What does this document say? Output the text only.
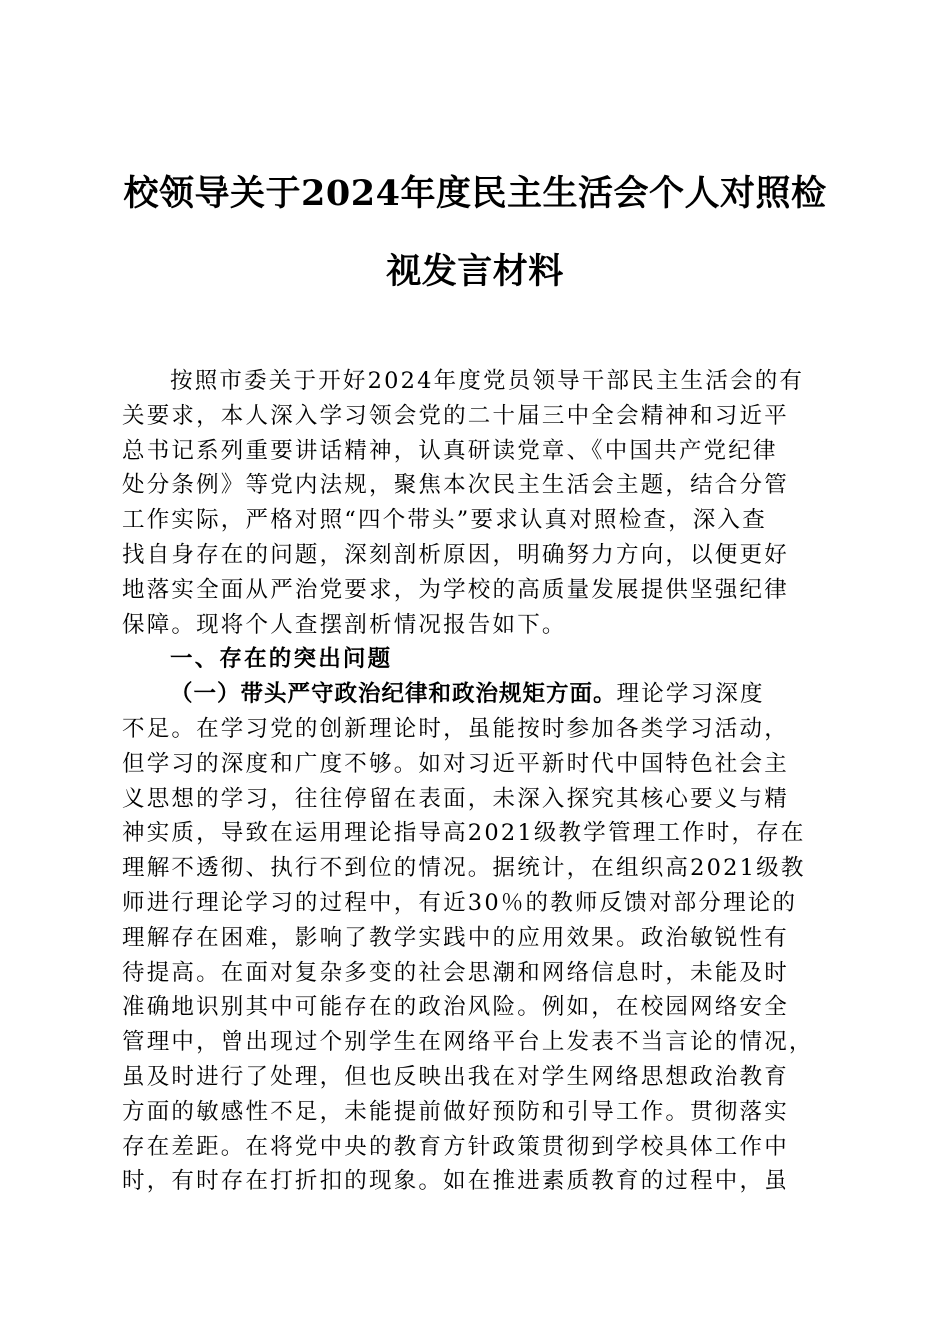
校领导关于2024年度民主生活会个人对照检
视发言材料
按照市委关于开好2024年度党员领导干部民主生活会的有
关要求，本人深入学习领会党的二十届三中全会精神和习近平
总书记系列重要讲话精神，认真研读党章、《中国共产党纪律
处分条例》等党内法规，聚焦本次民主生活会主题，结合分管
工作实际，严格对照“四个带头”要求认真对照检查，深入查
找自身存在的问题，深刻剖析原因，明确努力方向，以便更好
地落实全面从严治党要求，为学校的高质量发展提供坚强纪律
保障。现将个人查摆剖析情况报告如下。
一、存在的突出问题
（一）带头严守政治纪律和政治规矩方面。理论学习深度
不足。在学习党的创新理论时，虽能按时参加各类学习活动，
但学习的深度和广度不够。如对习近平新时代中国特色社会主
义思想的学习，往往停留在表面，未深入探究其核心要义与精
神实质，导致在运用理论指导高2021级教学管理工作时，存在
理解不透彻、执行不到位的情况。据统计，在组织高2021级教
师进行理论学习的过程中，有近30％的教师反馈对部分理论的
理解存在困难，影响了教学实践中的应用效果。政治敏锐性有
待提高。在面对复杂多变的社会思潮和网络信息时，未能及时
准确地识别其中可能存在的政治风险。例如，在校园网络安全
管理中，曾出现过个别学生在网络平台上发表不当言论的情况，
虽及时进行了处理，但也反映出我在对学生网络思想政治教育
方面的敏感性不足，未能提前做好预防和引导工作。贯彻落实
存在差距。在将党中央的教育方针政策贯彻到学校具体工作中
时，有时存在打折扣的现象。如在推进素质教育的过程中，虽
